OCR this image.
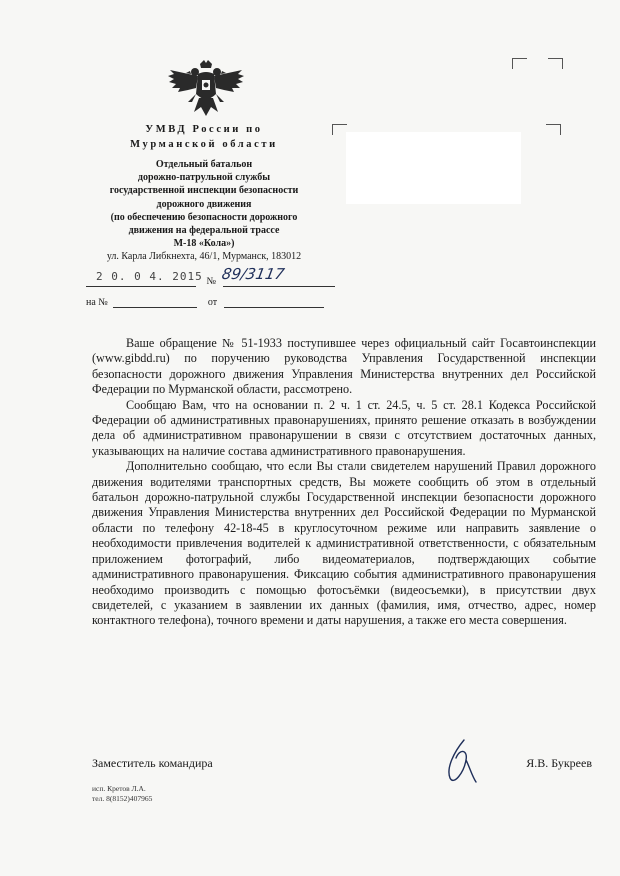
УМВД России по
Мурманской области
Отдельный батальон
дорожно-патрульной службы
государственной инспекции безопасности
дорожного движения
(по обеспечению безопасности дорожного
движения на федеральной трассе
М-18 «Кола»)
ул. Карла Либкнехта, 46/1, Мурманск, 183012
№
2 0. 0 4. 2015 89/3117
на №	от

Ваше обращение № 51-1933 поступившее через официальный сайт Госавтоинспекции (www.gibdd.ru) по поручению руководства Управления Государственной инспекции безопасности дорожного движения Управления Министерства внутренних дел Российской Федерации по Мурманской области, рассмотрено.

Сообщаю Вам, что на основании п. 2 ч. 1 ст. 24.5, ч. 5 ст. 28.1 Кодекса Российской Федерации об административных правонарушениях, принято решение отказать в возбуждении дела об административном правонарушении в связи с отсутствием достаточных данных, указывающих на наличие состава административного правонарушения.

Дополнительно сообщаю, что если Вы стали свидетелем нарушений Правил дорожного движения водителями транспортных средств, Вы можете сообщить об этом в отдельный батальон дорожно-патрульной службы Государственной инспекции безопасности дорожного движения Управления Министерства внутренних дел Российской Федерации по Мурманской области по телефону 42-18-45 в круглосуточном режиме или направить заявление о необходимости привлечения водителей к административной ответственности, с обязательным приложением фотографий, либо видеоматериалов, подтверждающих событие административного правонарушения. Фиксацию события административного правонарушения необходимо производить с помощью фотосъёмки (видеосъемки), в присутствии двух свидетелей, с указанием в заявлении их данных (фамилия, имя, отчество, адрес, номер контактного телефона), точного времени и даты нарушения, а также его места совершения.

Заместитель командира	Я.В. Букреев
исп. Кретов Л.А.
тел. 8(8152)407965
